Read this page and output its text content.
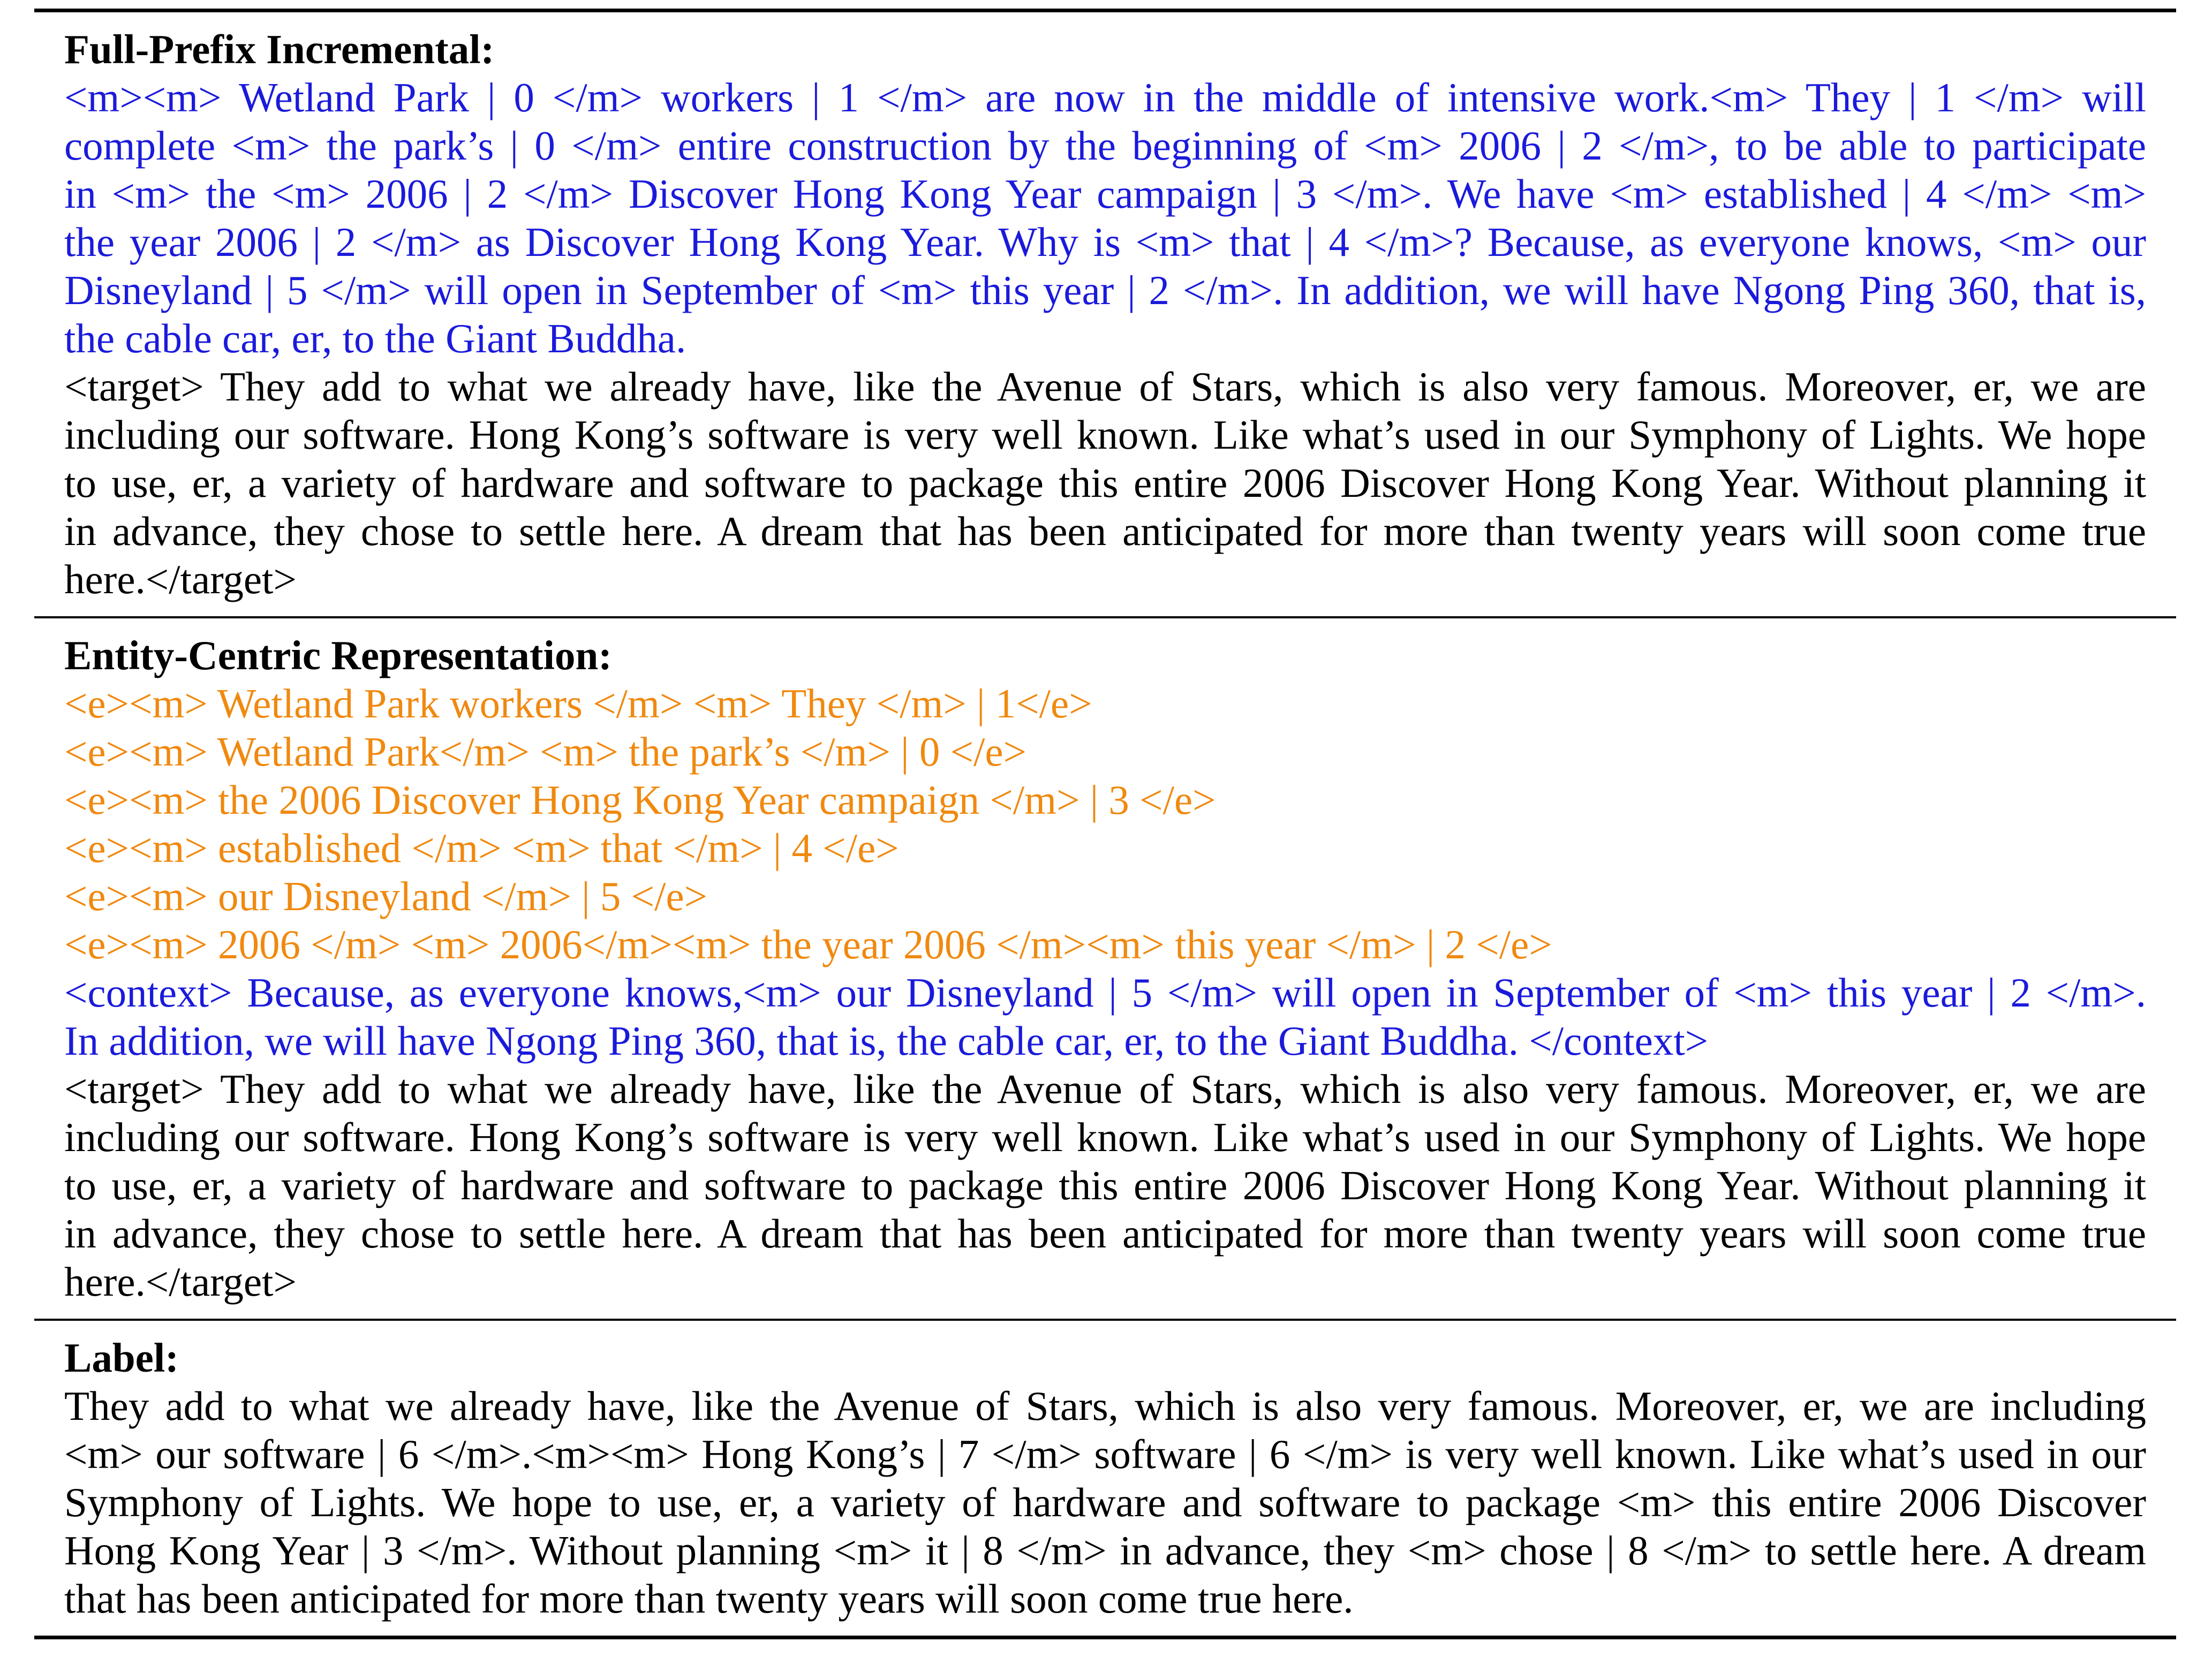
Full-Prefix Incremental:
<m><m> Wetland Park | 0 </m> workers | 1 </m> are now in the middle of intensive work.<m> They | 1 </m> will
complete <m> the park’s | 0 </m> entire construction by the beginning of <m> 2006 | 2 </m>, to be able to participate
in <m> the <m> 2006 | 2 </m> Discover Hong Kong Year campaign | 3 </m>. We have <m> established | 4 </m> <m>
the year 2006 | 2 </m> as Discover Hong Kong Year. Why is <m> that | 4 </m>? Because, as everyone knows, <m> our
Disneyland | 5 </m> will open in September of <m> this year | 2 </m>. In addition, we will have Ngong Ping 360, that is,
the cable car, er, to the Giant Buddha.
<target> They add to what we already have, like the Avenue of Stars, which is also very famous. Moreover, er, we are
including our software. Hong Kong’s software is very well known. Like what’s used in our Symphony of Lights. We hope
to use, er, a variety of hardware and software to package this entire 2006 Discover Hong Kong Year. Without planning it
in advance, they chose to settle here. A dream that has been anticipated for more than twenty years will soon come true
here.</target>
Entity-Centric Representation:
<e><m> Wetland Park workers </m> <m> They </m> | 1</e>
<e><m> Wetland Park</m> <m> the park’s </m> | 0 </e>
<e><m> the 2006 Discover Hong Kong Year campaign </m> | 3 </e>
<e><m> established </m> <m> that </m> | 4 </e>
<e><m> our Disneyland </m> | 5 </e>
<e><m> 2006 </m> <m> 2006</m><m> the year 2006 </m><m> this year </m> | 2 </e>
<context> Because, as everyone knows,<m> our Disneyland | 5 </m> will open in September of <m> this year | 2 </m>.
In addition, we will have Ngong Ping 360, that is, the cable car, er, to the Giant Buddha. </context>
<target> They add to what we already have, like the Avenue of Stars, which is also very famous. Moreover, er, we are
including our software. Hong Kong’s software is very well known. Like what’s used in our Symphony of Lights. We hope
to use, er, a variety of hardware and software to package this entire 2006 Discover Hong Kong Year. Without planning it
in advance, they chose to settle here. A dream that has been anticipated for more than twenty years will soon come true
here.</target>
Label:
They add to what we already have, like the Avenue of Stars, which is also very famous. Moreover, er, we are including
<m> our software | 6 </m>.<m><m> Hong Kong’s | 7 </m> software | 6 </m> is very well known. Like what’s used in our
Symphony of Lights. We hope to use, er, a variety of hardware and software to package <m> this entire 2006 Discover
Hong Kong Year | 3 </m>. Without planning <m> it | 8 </m> in advance, they <m> chose | 8 </m> to settle here. A dream
that has been anticipated for more than twenty years will soon come true here.
